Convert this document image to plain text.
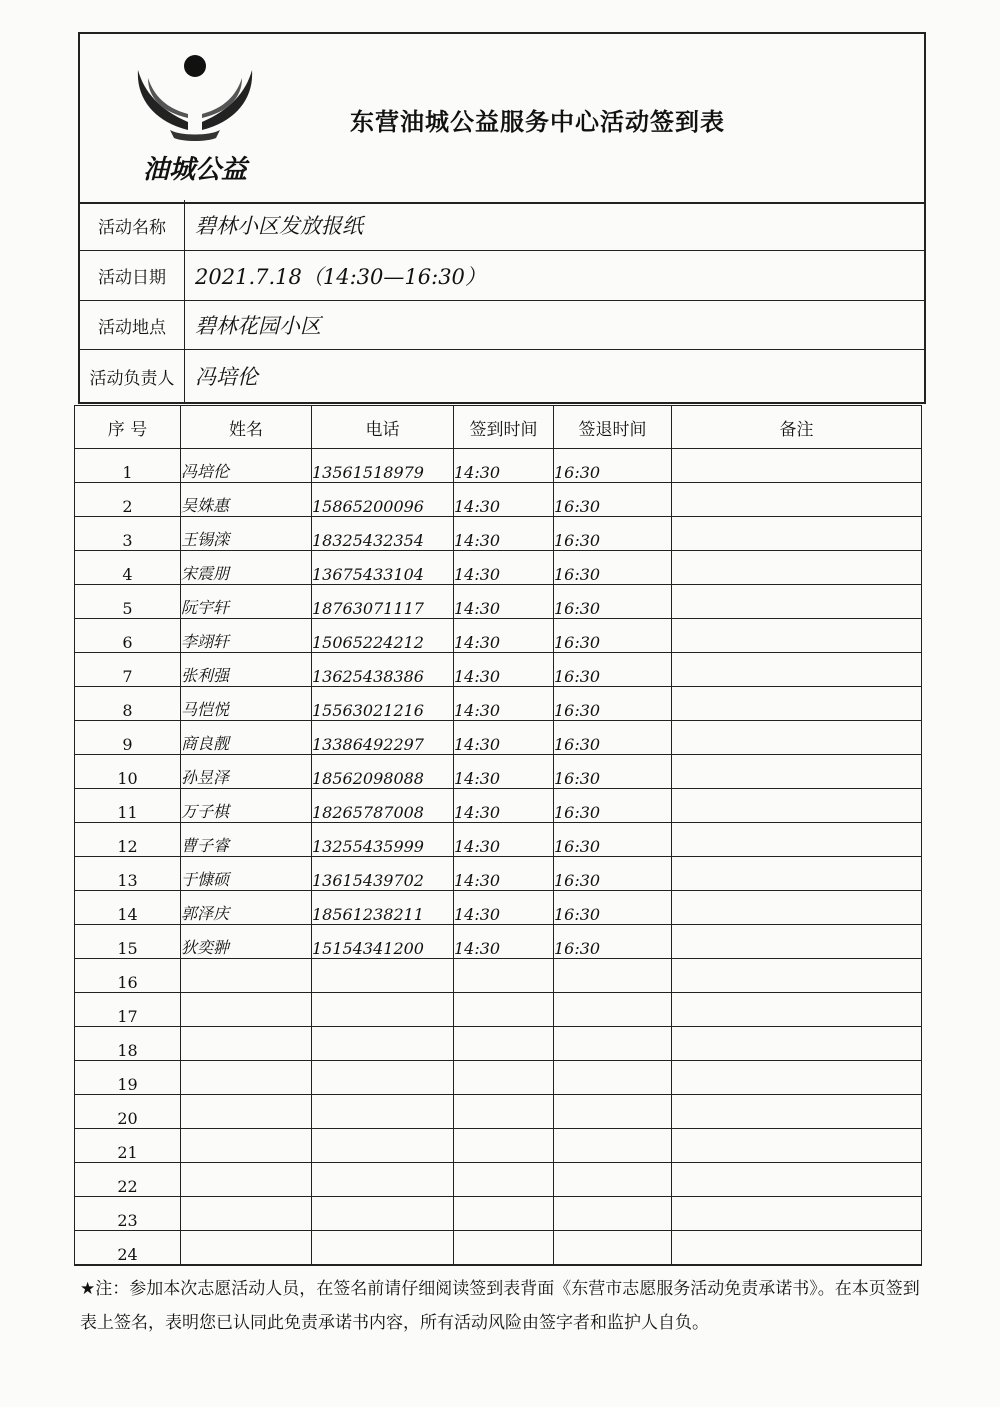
油城公益
东营油城公益服务中心活动签到表
活动名称	碧林小区发放报纸
活动日期	2021.7.18（14:30—16:30）
活动地点	碧林花园小区
活动负责人 冯培伦
序 号	姓名	电话	签到时间	签退时间	备注
1	冯培伦	13561518979	14:30	16:30	
2	吴姝惠	15865200096	14:30	16:30	
3	王锡滦	18325432354	14:30	16:30	
4	宋震朋	13675433104	14:30	16:30	
5	阮宇轩	18763071117	14:30	16:30	
6	李翊轩	15065224212	14:30	16:30	
7	张利强	13625438386	14:30	16:30	
8	马恺悦	15563021216	14:30	16:30	
9	商良靓	13386492297	14:30	16:30	
10	孙昱泽	18562098088	14:30	16:30	
11	万子棋	18265787008	14:30	16:30	
12	曹子睿	13255435999	14:30	16:30	
13	于慷硕	13615439702	14:30	16:30	
14	郭泽庆	18561238211	14:30	16:30	
15	狄奕翀	15154341200	14:30	16:30	
16					
17					
18					
19					
20					
21					
22					
23					
24					
★注：参加本次志愿活动人员，在签名前请仔细阅读签到表背面《东营市志愿服务活动免责承诺书》。在本页签到表上签名，表明您已认同此免责承诺书内容，所有活动风险由签字者和监护人自负。
